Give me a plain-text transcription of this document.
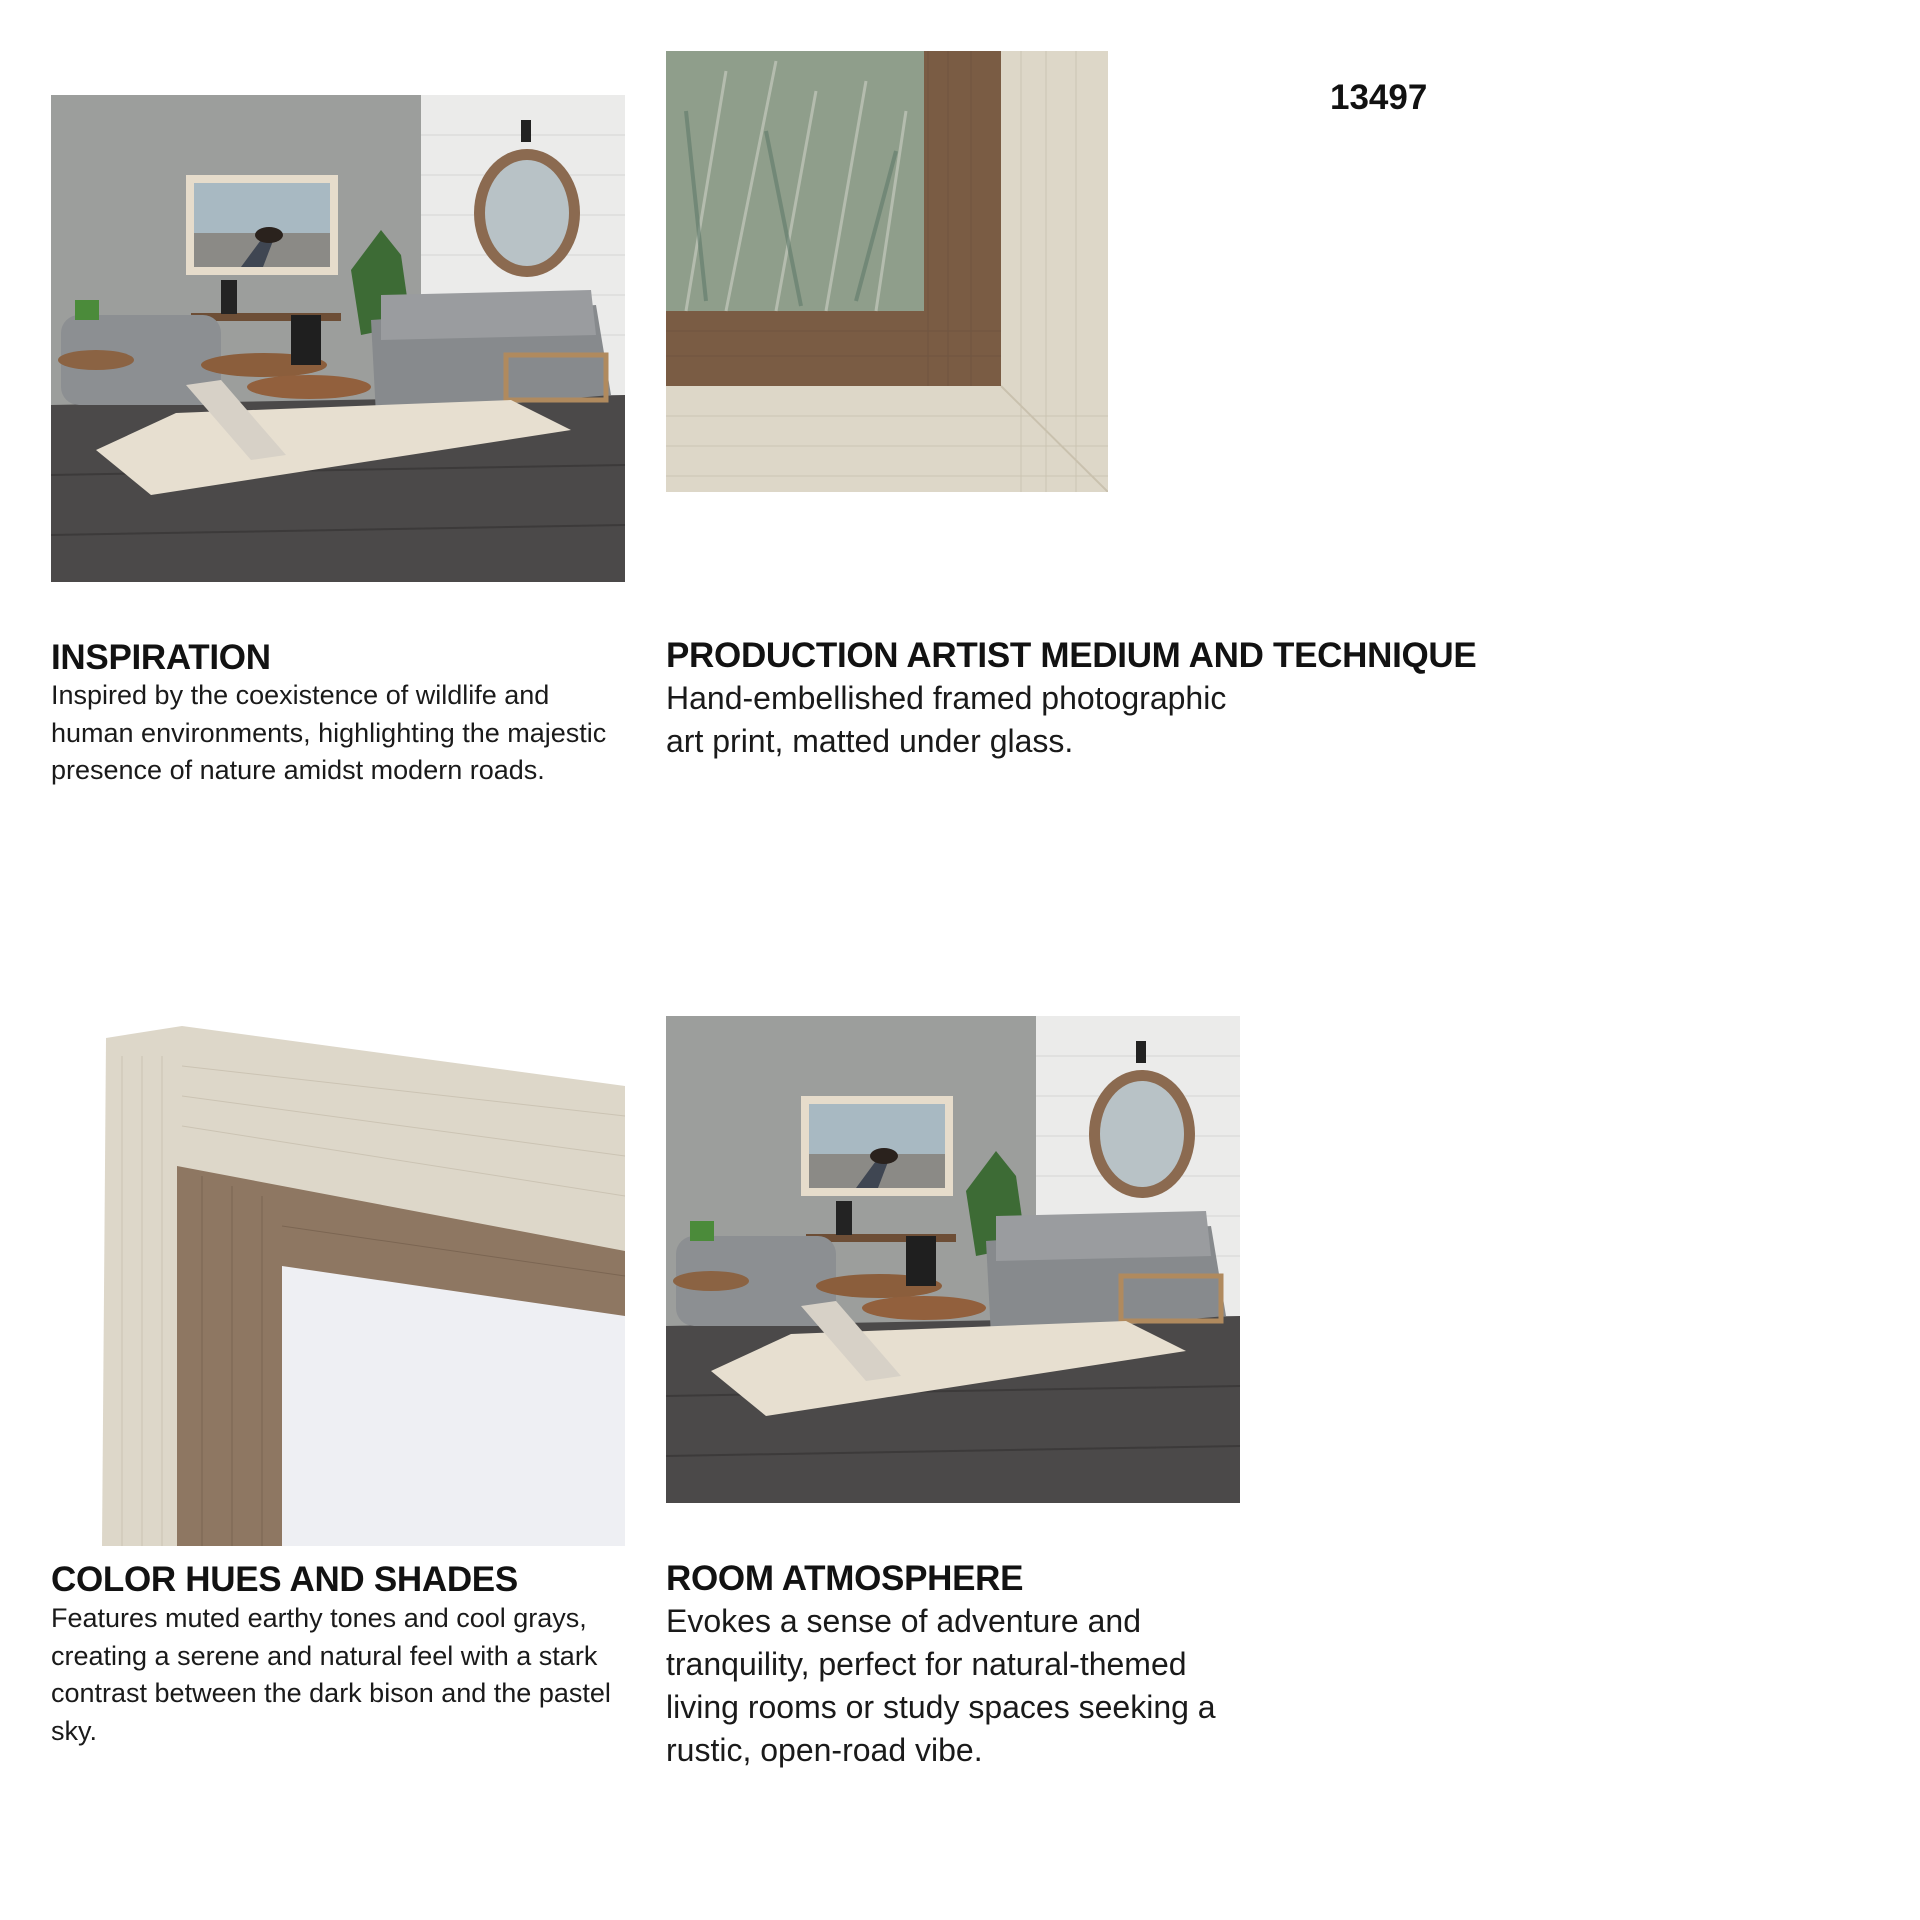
13497
INSPIRATION
Inspired by the coexistence of wildlife and human environments, highlighting the majestic presence of nature amidst modern roads.
PRODUCTION ARTIST MEDIUM AND TECHNIQUE
Hand-embellished framed photographic
art print, matted under glass.
COLOR HUES AND SHADES
Features muted earthy tones and cool grays, creating a serene and natural feel with a stark contrast between the dark bison and the pastel sky.
ROOM ATMOSPHERE
Evokes a sense of adventure and tranquility, perfect for natural-themed living rooms or study spaces seeking a rustic, open-road vibe.
